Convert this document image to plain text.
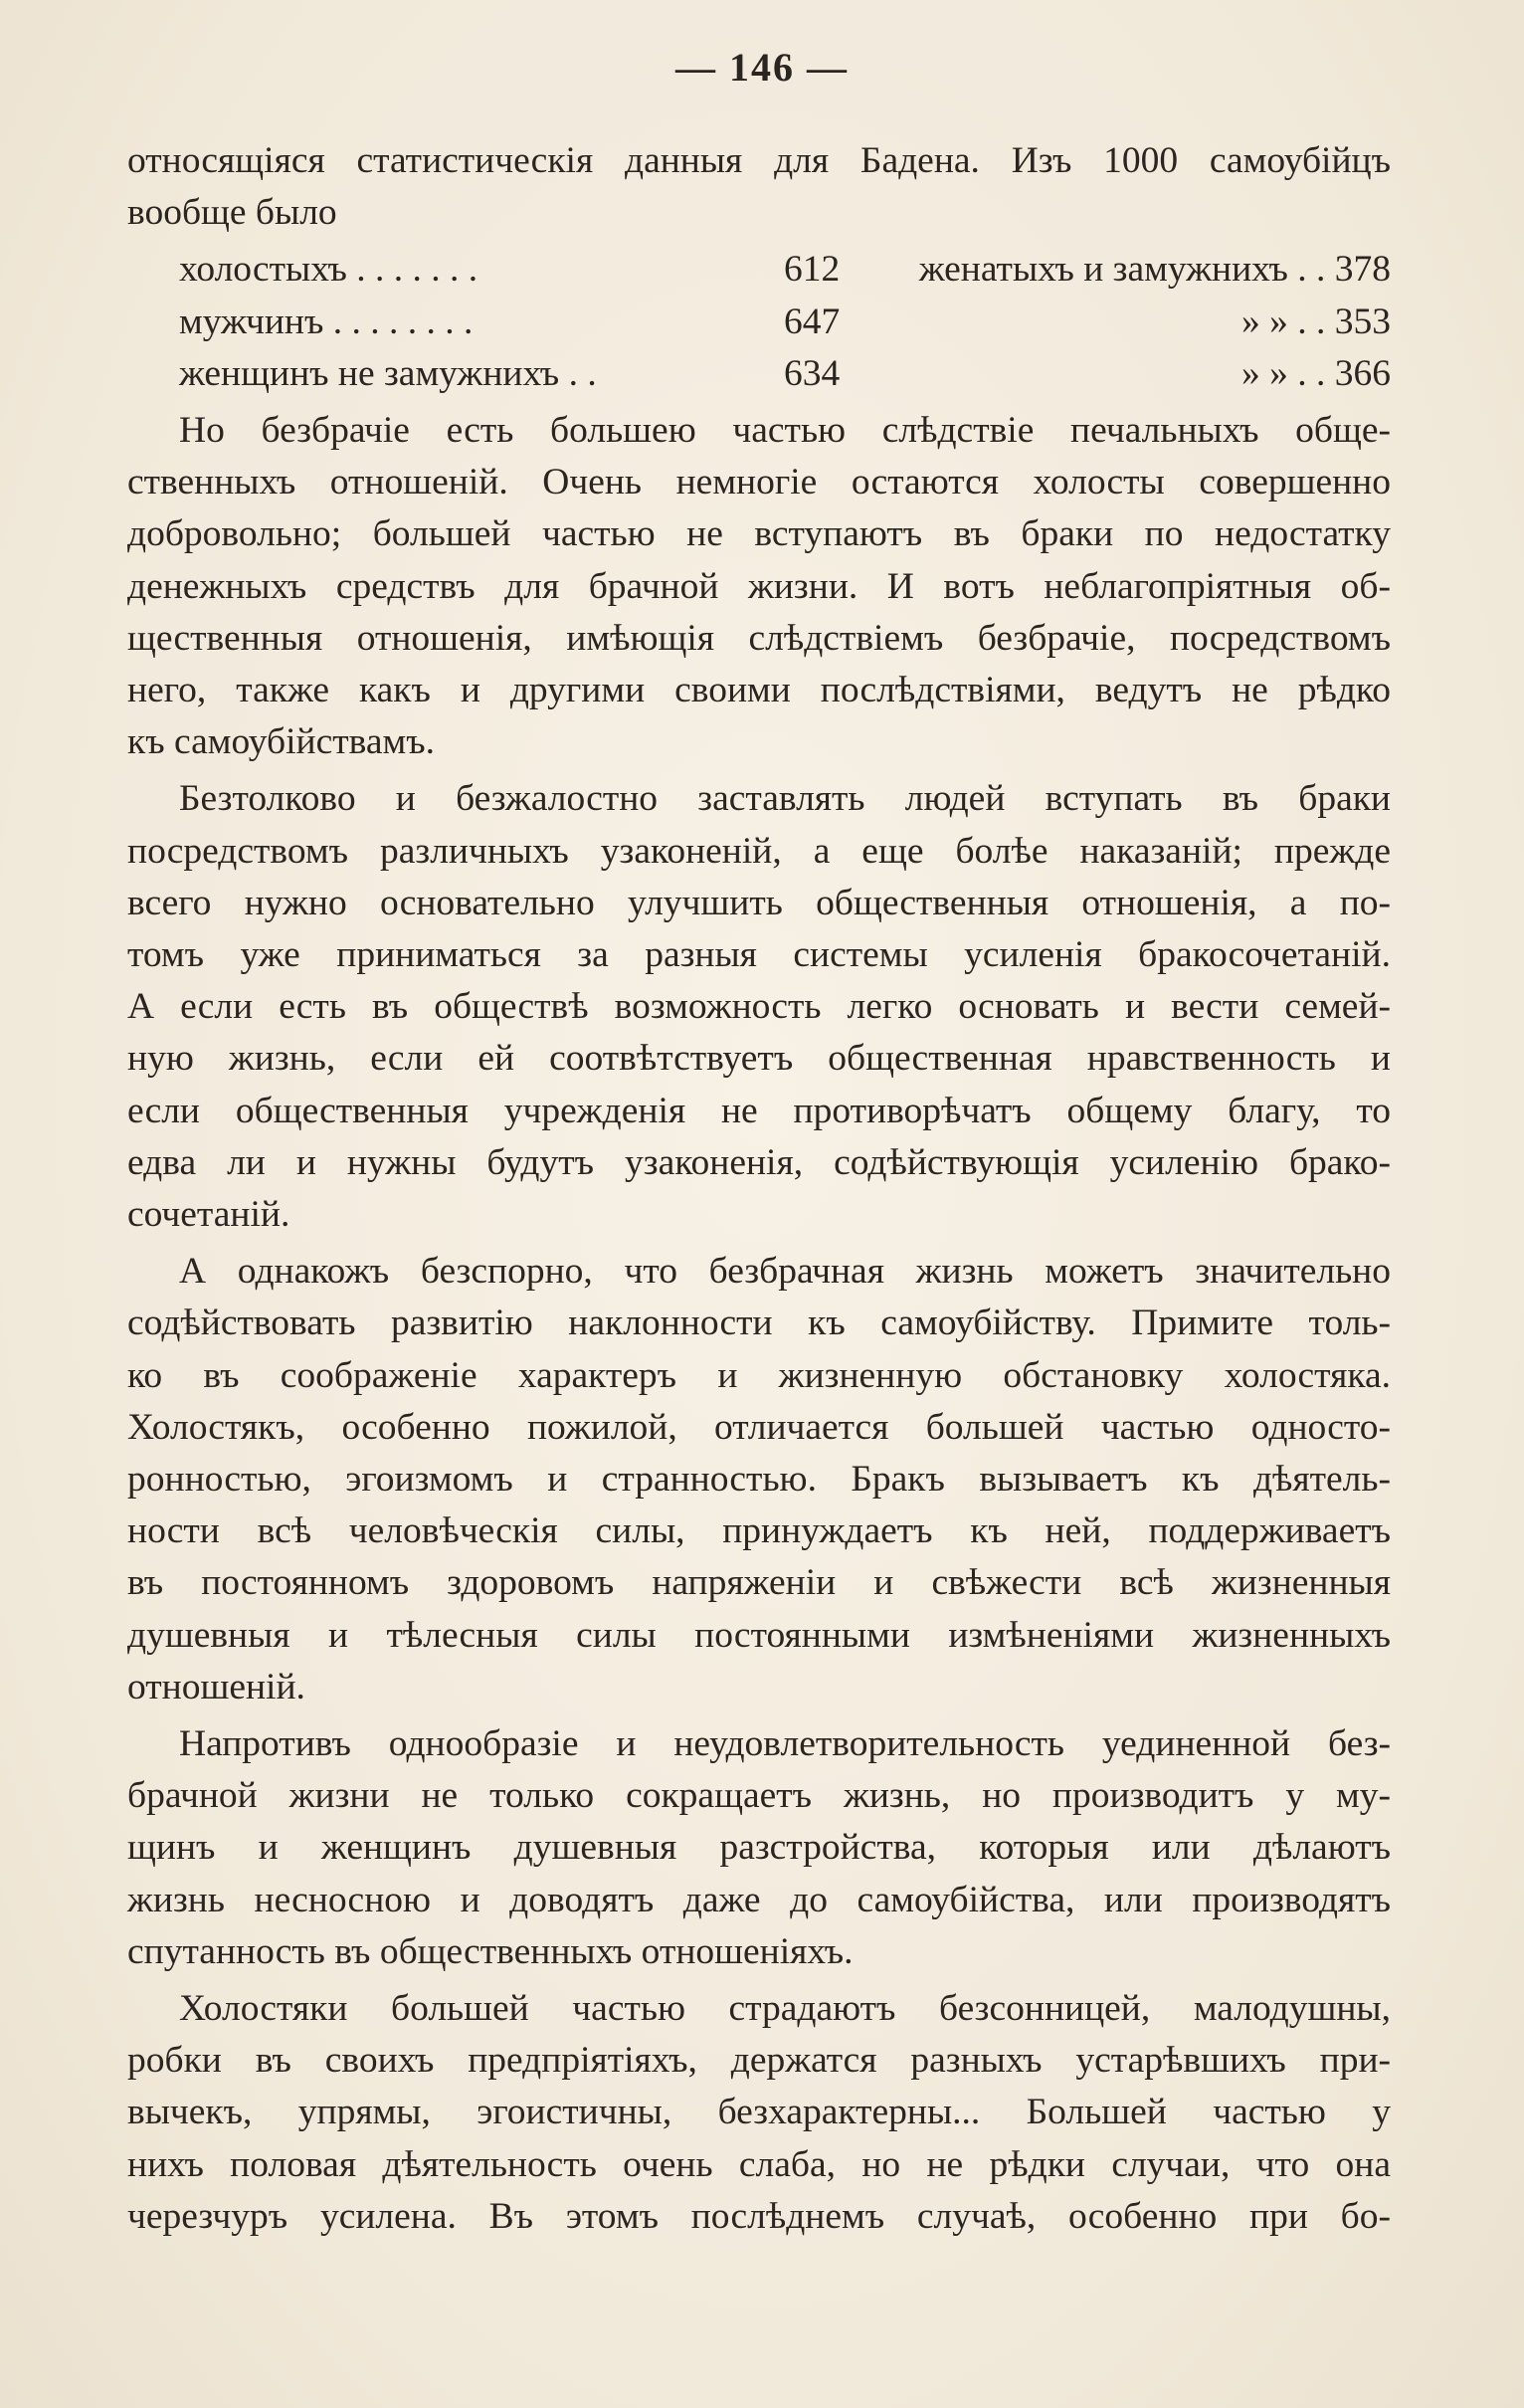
— 146 —
относящіяся статистическія данныя для Бадена. Изъ 1000 самоубійцъ
вообще было
холостыхъ . . . . . . .	612	женатыхъ и замужнихъ . . 378
мужчинъ . . . . . . . .	647	» » . . 353
женщинъ не замужнихъ . .	634	» » . . 366
Но безбрачіе есть большею частью слѣдствіе печальныхъ обще-
ственныхъ отношеній. Очень немногіе остаются холосты совершенно
добровольно; большей частью не вступаютъ въ браки по недостатку
денежныхъ средствъ для брачной жизни. И вотъ неблагопріятныя об-
щественныя отношенія, имѣющія слѣдствіемъ безбрачіе, посредствомъ
него, также какъ и другими своими послѣдствіями, ведутъ не рѣдко
къ самоубійствамъ.
Безтолково и безжалостно заставлять людей вступать въ браки
посредствомъ различныхъ узаконеній, а еще болѣе наказаній; прежде
всего нужно основательно улучшить общественныя отношенія, а по-
томъ уже приниматься за разныя системы усиленія бракосочетаній.
А если есть въ обществѣ возможность легко основать и вести семей-
ную жизнь, если ей соотвѣтствуетъ общественная нравственность и
если общественныя учрежденія не противорѣчатъ общему благу, то
едва ли и нужны будутъ узаконенія, содѣйствующія усиленію брако-
сочетаній.
А однакожъ безспорно, что безбрачная жизнь можетъ значительно
содѣйствовать развитію наклонности къ самоубійству. Примите толь-
ко въ соображеніе характеръ и жизненную обстановку холостяка.
Холостякъ, особенно пожилой, отличается большей частью односто-
ронностью, эгоизмомъ и странностью. Бракъ вызываетъ къ дѣятель-
ности всѣ человѣческія силы, принуждаетъ къ ней, поддерживаетъ
въ постоянномъ здоровомъ напряженіи и свѣжести всѣ жизненныя
душевныя и тѣлесныя силы постоянными измѣненіями жизненныхъ
отношеній.
Напротивъ однообразіе и неудовлетворительность уединенной без-
брачной жизни не только сокращаетъ жизнь, но производитъ у му-
щинъ и женщинъ душевныя разстройства, которыя или дѣлаютъ
жизнь несносною и доводятъ даже до самоубійства, или производятъ
спутанность въ общественныхъ отношеніяхъ.
Холостяки большей частью страдаютъ безсонницей, малодушны,
робки въ своихъ предпріятіяхъ, держатся разныхъ устарѣвшихъ при-
вычекъ, упрямы, эгоистичны, безхарактерны... Большей частью у
нихъ половая дѣятельность очень слаба, но не рѣдки случаи, что она
черезчуръ усилена. Въ этомъ послѣднемъ случаѣ, особенно при бо-
